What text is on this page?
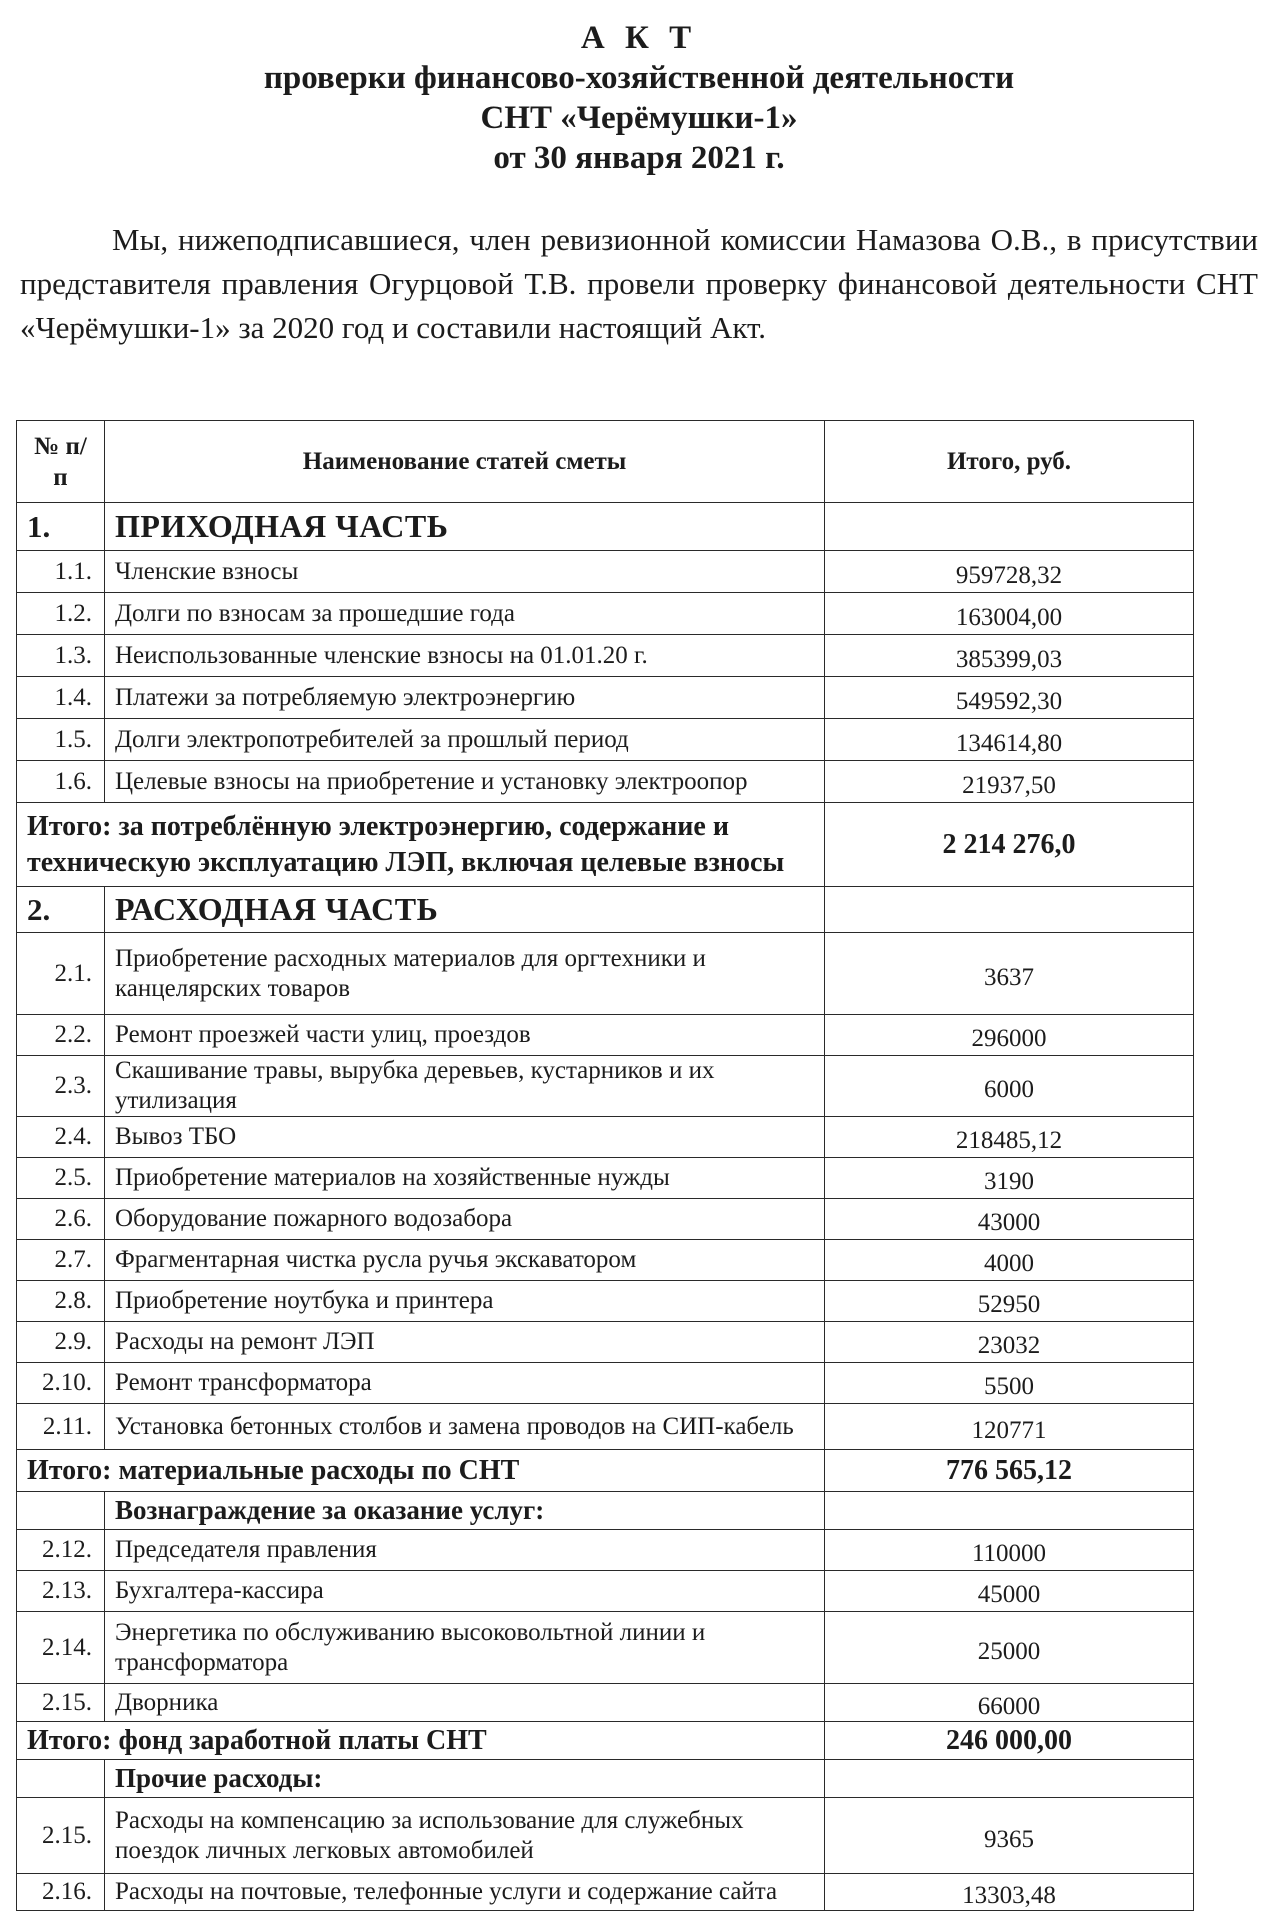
А К Т
проверки финансово-хозяйственной деятельности
СНТ «Черёмушки-1»
от 30 января 2021 г.

Мы, нижеподписавшиеся, член ревизионной комиссии Намазова О.В., в присутствии представителя правления Огурцовой Т.В. провели проверку финансовой деятельности СНТ «Черёмушки-1» за 2020 год и составили настоящий Акт.

№ п/п	Наименование статей сметы	Итого, руб.
1.	ПРИХОДНАЯ ЧАСТЬ	
1.1.	Членские взносы	959728,32
1.2.	Долги по взносам за прошедшие года	163004,00
1.3.	Неиспользованные членские взносы на 01.01.20 г.	385399,03
1.4.	Платежи за потребляемую электроэнергию	549592,30
1.5.	Долги электропотребителей за прошлый период	134614,80
1.6.	Целевые взносы на приобретение и установку электроопор	21937,50
Итого: за потреблённую электроэнергию, содержание и техническую эксплуатацию ЛЭП, включая целевые взносы		2 214 276,0
2.	РАСХОДНАЯ ЧАСТЬ	
2.1.	Приобретение расходных материалов для оргтехники и канцелярских товаров	3637
2.2.	Ремонт проезжей части улиц, проездов	296000
2.3.	Скашивание травы, вырубка деревьев, кустарников и их утилизация	6000
2.4.	Вывоз ТБО	218485,12
2.5.	Приобретение материалов на хозяйственные нужды	3190
2.6.	Оборудование пожарного водозабора	43000
2.7.	Фрагментарная чистка русла ручья экскаватором	4000
2.8.	Приобретение ноутбука и принтера	52950
2.9.	Расходы на ремонт ЛЭП	23032
2.10.	Ремонт трансформатора	5500
2.11.	Установка бетонных столбов и замена проводов на СИП-кабель	120771
Итого: материальные расходы по СНТ		776 565,12
	Вознаграждение за оказание услуг:	
2.12.	Председателя правления	110000
2.13.	Бухгалтера-кассира	45000
2.14.	Энергетика по обслуживанию высоковольтной линии и трансформатора	25000
2.15.	Дворника	66000
Итого: фонд заработной платы СНТ		246 000,00
	Прочие расходы:	
2.15.	Расходы на компенсацию за использование для служебных поездок личных легковых автомобилей	9365
2.16.	Расходы на почтовые, телефонные услуги и содержание сайта	13303,48
